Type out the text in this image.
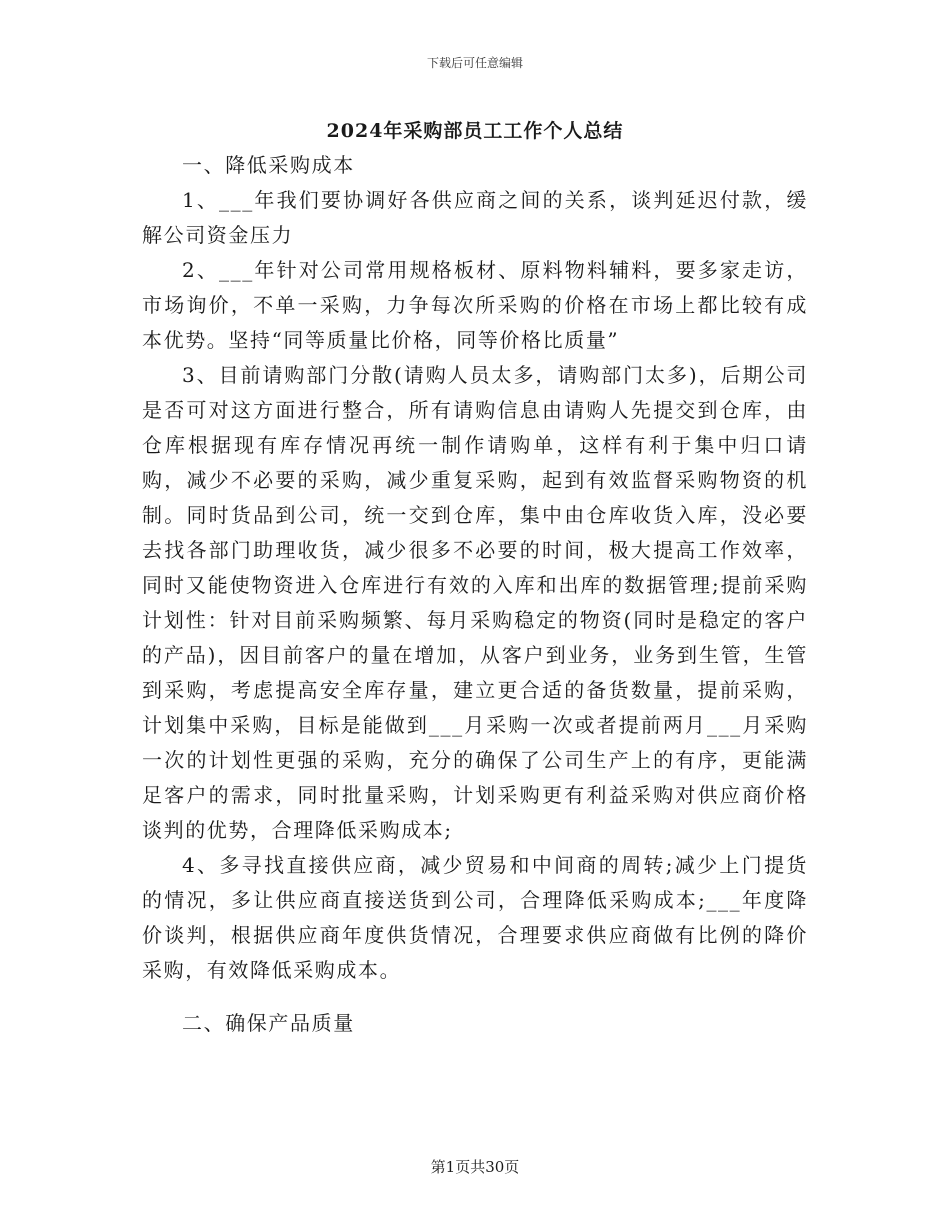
下载后可任意编辑
2024年采购部员工工作个人总结

一、降低采购成本

1、___年我们要协调好各供应商之间的关系，谈判延迟付款，缓解公司资金压力

2、___年针对公司常用规格板材、原料物料辅料，要多家走访，市场询价，不单一采购，力争每次所采购的价格在市场上都比较有成本优势。坚持“同等质量比价格，同等价格比质量”

3、目前请购部门分散(请购人员太多，请购部门太多)，后期公司是否可对这方面进行整合，所有请购信息由请购人先提交到仓库，由仓库根据现有库存情况再统一制作请购单，这样有利于集中归口请购，减少不必要的采购，减少重复采购，起到有效监督采购物资的机制。同时货品到公司，统一交到仓库，集中由仓库收货入库，没必要去找各部门助理收货，减少很多不必要的时间，极大提高工作效率，同时又能使物资进入仓库进行有效的入库和出库的数据管理;提前采购计划性：针对目前采购频繁、每月采购稳定的物资(同时是稳定的客户的产品)，因目前客户的量在增加，从客户到业务，业务到生管，生管到采购，考虑提高安全库存量，建立更合适的备货数量，提前采购，计划集中采购，目标是能做到___月采购一次或者提前两月___月采购一次的计划性更强的采购，充分的确保了公司生产上的有序，更能满足客户的需求，同时批量采购，计划采购更有利益采购对供应商价格谈判的优势，合理降低采购成本;

4、多寻找直接供应商，减少贸易和中间商的周转;减少上门提货的情况，多让供应商直接送货到公司，合理降低采购成本;___年度降价谈判，根据供应商年度供货情况，合理要求供应商做有比例的降价采购，有效降低采购成本。

二、确保产品质量

第1页共30页
